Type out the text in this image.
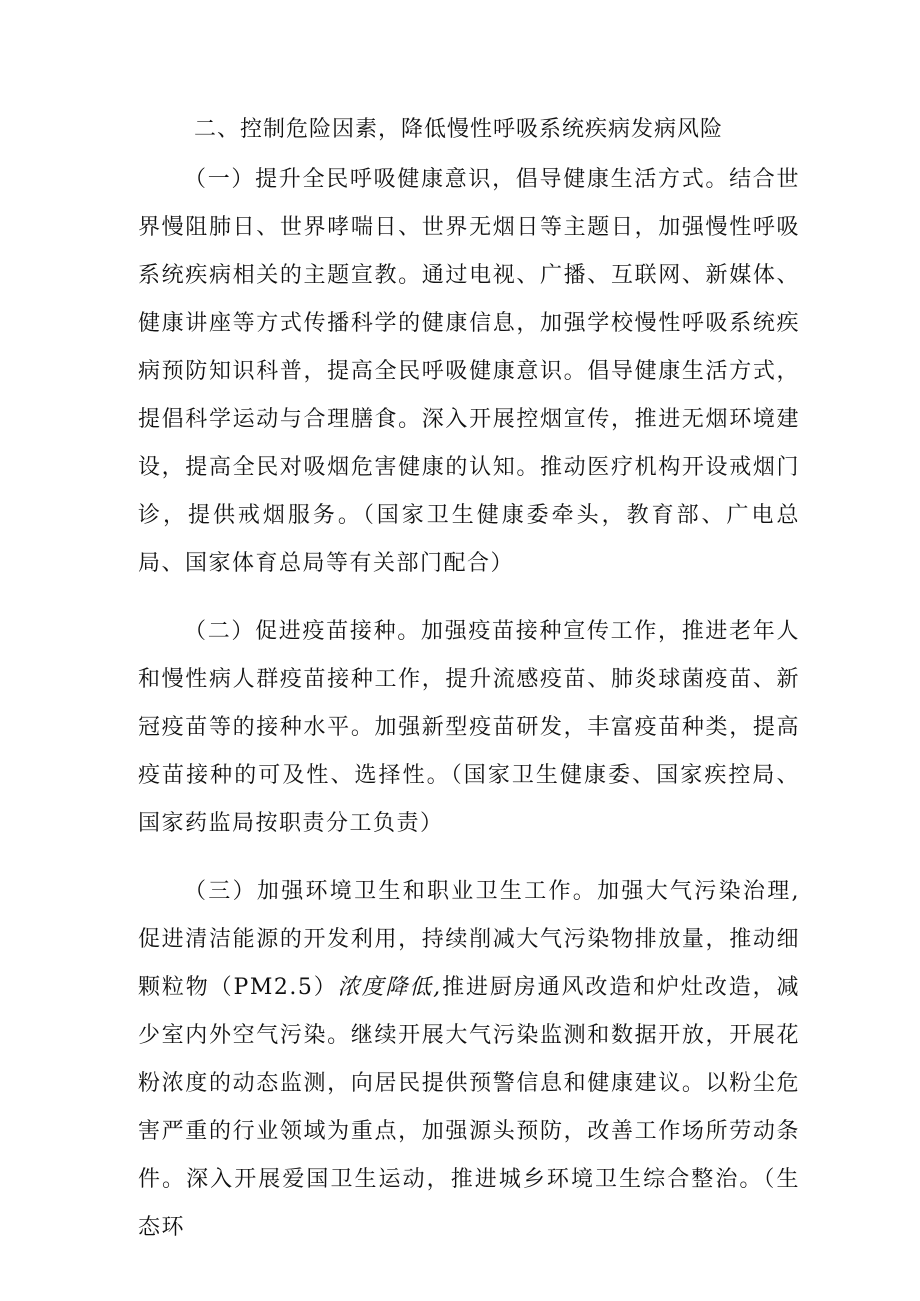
二、控制危险因素，降低慢性呼吸系统疾病发病风险

（一）提升全民呼吸健康意识，倡导健康生活方式。结合世界慢阻肺日、世界哮喘日、世界无烟日等主题日，加强慢性呼吸系统疾病相关的主题宣教。通过电视、广播、互联网、新媒体、健康讲座等方式传播科学的健康信息，加强学校慢性呼吸系统疾病预防知识科普，提高全民呼吸健康意识。倡导健康生活方式，提倡科学运动与合理膳食。深入开展控烟宣传，推进无烟环境建设，提高全民对吸烟危害健康的认知。推动医疗机构开设戒烟门诊，提供戒烟服务。（国家卫生健康委牵头，教育部、广电总局、国家体育总局等有关部门配合）

（二）促进疫苗接种。加强疫苗接种宣传工作，推进老年人和慢性病人群疫苗接种工作，提升流感疫苗、肺炎球菌疫苗、新冠疫苗等的接种水平。加强新型疫苗研发，丰富疫苗种类，提高疫苗接种的可及性、选择性。（国家卫生健康委、国家疾控局、国家药监局按职责分工负责）

（三）加强环境卫生和职业卫生工作。加强大气污染治理,促进清洁能源的开发利用，持续削减大气污染物排放量，推动细颗粒物（PM2.5）浓度降低,推进厨房通风改造和炉灶改造，减少室内外空气污染。继续开展大气污染监测和数据开放，开展花粉浓度的动态监测，向居民提供预警信息和健康建议。以粉尘危害严重的行业领域为重点，加强源头预防，改善工作场所劳动条件。深入开展爱国卫生运动，推进城乡环境卫生综合整治。（生态环
